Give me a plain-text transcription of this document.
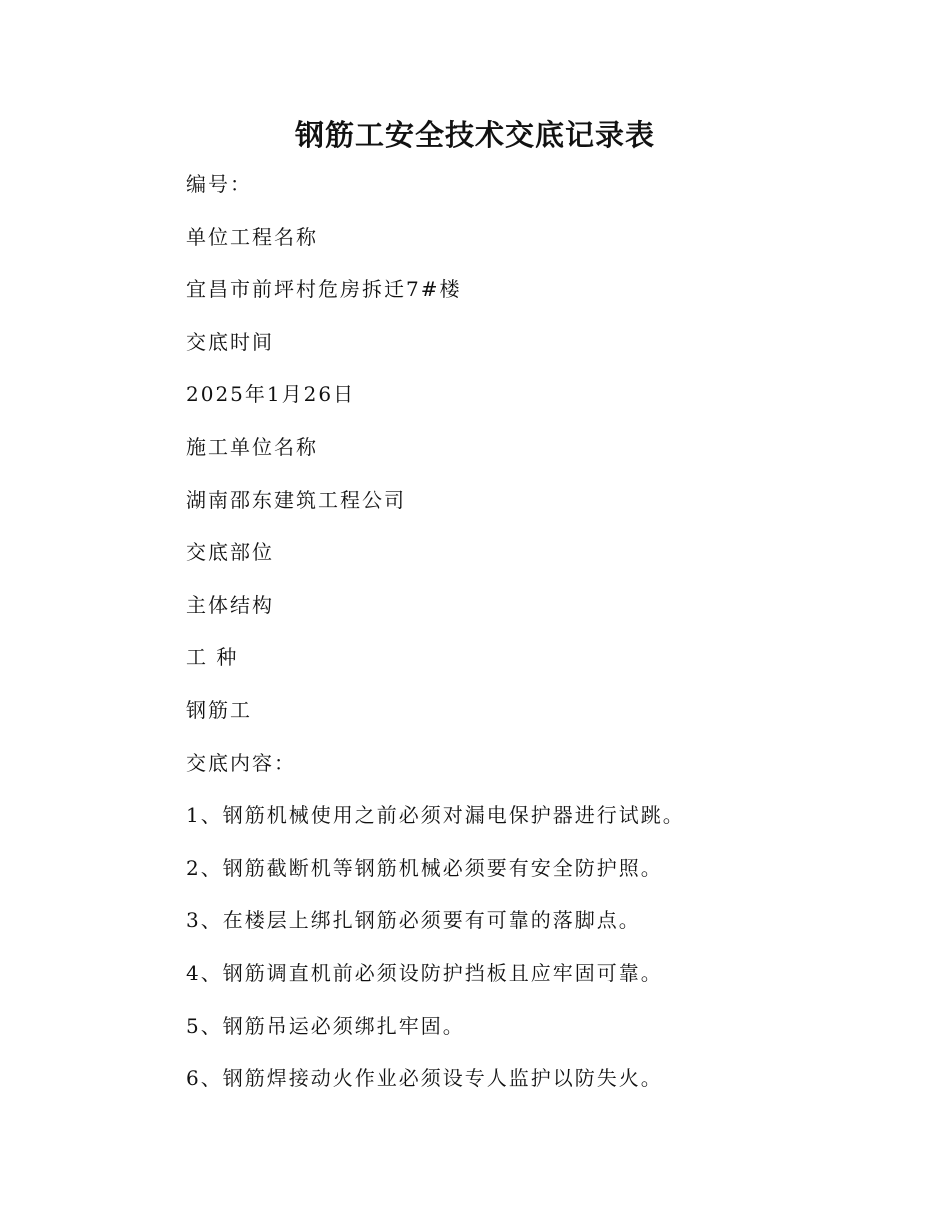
钢筋工安全技术交底记录表
编号：
单位工程名称
宜昌市前坪村危房拆迁7#楼
交底时间
2025年1月26日
施工单位名称
湖南邵东建筑工程公司
交底部位
主体结构
工 种
钢筋工
交底内容：
1、钢筋机械使用之前必须对漏电保护器进行试跳。
2、钢筋截断机等钢筋机械必须要有安全防护照。
3、在楼层上绑扎钢筋必须要有可靠的落脚点。
4、钢筋调直机前必须设防护挡板且应牢固可靠。
5、钢筋吊运必须绑扎牢固。
6、钢筋焊接动火作业必须设专人监护以防失火。
